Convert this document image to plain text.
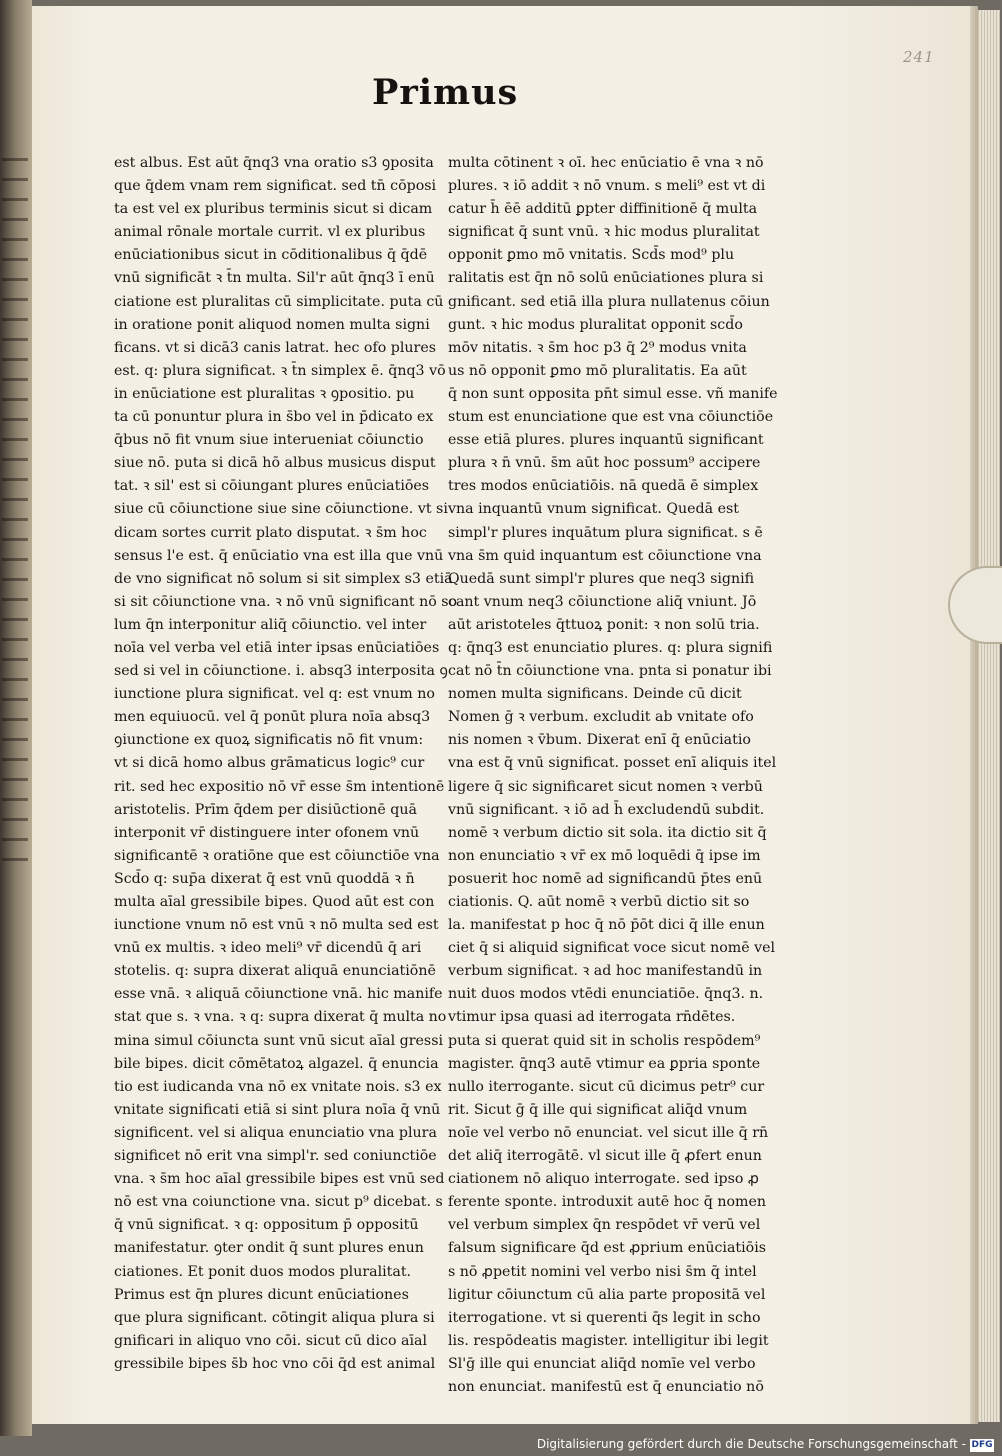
241
Primus
est albus. Est aūt q̄nq3 vna oratio s3 ꝯposita
que q̄dem vnam rem significat. sed tn̄ cōposi
ta est vel ex pluribus terminis sicut si dicam
animal rōnale mortale currit. vl ex pluribus
enūciationibus sicut in cōditionalibus q̄ q̄dē
vnū significāt ꝛ t̄n multa. Sil'r aūt q̄nq3 ī enū
ciatione est pluralitas cū simplicitate. puta cū
in oratione ponit aliquod nomen multa signi
ficans. vt si dicā3 canis latrat. hec ofo plures
est. q: plura significat. ꝛ t̄n simplex ē. q̄nq3 vō
in enūciatione est pluralitas ꝛ ꝯpositio. pu
ta cū ponuntur plura in s̄bo vel in p̄dicato ex
q̄bus nō fit vnum siue interueniat cōiunctio
siue nō. puta si dicā hō albus musicus disput
tat. ꝛ sil' est si cōiungant plures enūciatiōes
siue cū cōiunctione siue sine cōiunctione. vt si
dicam sortes currit plato disputat. ꝛ s̄m hoc
sensus l'e est. q̄ enūciatio vna est illa que vnū
de vno significat nō solum si sit simplex s3 etiā
si sit cōiunctione vna. ꝛ nō vnū significant nō so
lum q̄n interponitur aliq̄ cōiunctio. vel inter
noīa vel verba vel etiā inter ipsas enūciatiōes
sed si vel in cōiunctione. i. absq3 interposita ꝯ
iunctione plura significat. vel q: est vnum no
men equiuocū. vel q̄ ponūt plura noīa absq3
ꝯiunctione ex quoꝝ significatis nō fit vnum:
vt si dicā homo albus grāmaticus logic⁹ cur
rit. sed hec expositio nō vr̄ esse s̄m intentionē
aristotelis. Prīm q̄dem per disiūctionē quā
interponit vr̄ distinguere inter ofonem vnū
significantē ꝛ oratiōne que est cōiunctiōe vna
Scd̄o q: sup̄a dixerat q̄ est vnū quoddā ꝛ n̄
multa aīal gressibile bipes. Quod aūt est con
iunctione vnum nō est vnū ꝛ nō multa sed est
vnū ex multis. ꝛ ideo meli⁹ vr̄ dicendū q̄ ari
stotelis. q: supra dixerat aliquā enunciatiōnē
esse vnā. ꝛ aliquā cōiunctione vnā. hic manife
stat que s. ꝛ vna. ꝛ q: supra dixerat q̄ multa no
mina simul cōiuncta sunt vnū sicut aīal gressi
bile bipes. dicit cōmētatoꝝ algazel. q̄ enuncia
tio est iudicanda vna nō ex vnitate nois. s3 ex
vnitate significati etiā si sint plura noīa q̄ vnū
significent. vel si aliqua enunciatio vna plura
significet nō erit vna simpl'r. sed coniunctiōe
vna. ꝛ s̄m hoc aīal gressibile bipes est vnū sed
nō est vna coiunctione vna. sicut p⁹ dicebat. s
q̄ vnū significat. ꝛ q: oppositum p̄ oppositū
manifestatur. ꝯter ondit q̄ sunt plures enun
ciationes. Et ponit duos modos pluralitat.
Primus est q̄n plures dicunt enūciationes
que plura significant. cōtingit aliqua plura si
gnificari in aliquo vno cōi. sicut cū dico aīal
gressibile bipes s̄b hoc vno cōi q̄d est animal
multa cōtinent ꝛ oī. hec enūciatio ē vna ꝛ nō
plures. ꝛ iō addit ꝛ nō vnum. s meli⁹ est vt di
catur h̄ ēē additū ꝑpter diffinitionē q̄ multa
significat q̄ sunt vnū. ꝛ hic modus pluralitat
opponit ꝑmo mō vnitatis. Scd̄s mod⁹ plu
ralitatis est q̄n nō solū enūciationes plura si
gnificant. sed etiā illa plura nullatenus cōiun
gunt. ꝛ hic modus pluralitat opponit scd̄o
mōv nitatis. ꝛ s̄m hoc p3 q̄ 2⁹ modus vnita
us nō opponit ꝑmo mō pluralitatis. Ea aūt
q̄ non sunt opposita pn̄t simul esse. vñ manife
stum est enunciatione que est vna cōiunctiōe
esse etiā plures. plures inquantū significant
plura ꝛ n̄ vnū. s̄m aūt hoc possum⁹ accipere
tres modos enūciatiōis. nā quedā ē simplex
vna inquantū vnum significat. Quedā est
simpl'r plures inquātum plura significat. s ē
vna s̄m quid inquantum est cōiunctione vna
Quedā sunt simpl'r plures que neq3 signifi
cant vnum neq3 cōiunctione aliq̄ vniunt. Jō
aūt aristoteles q̄ttuoꝝ ponit: ꝛ non solū tria.
q: q̄nq3 est enunciatio plures. q: plura signifi
cat nō t̄n cōiunctione vna. pnta si ponatur ibi
nomen multa significans. Deinde cū dicit
Nomen ḡ ꝛ verbum. excludit ab vnitate ofo
nis nomen ꝛ v̄bum. Dixerat enī q̄ enūciatio
vna est q̄ vnū significat. posset enī aliquis itel
ligere q̄ sic significaret sicut nomen ꝛ verbū
vnū significant. ꝛ iō ad h̄ excludendū subdit.
nomē ꝛ verbum dictio sit sola. ita dictio sit q̄
non enunciatio ꝛ vr̄ ex mō loquēdi q̄ ipse im
posuerit hoc nomē ad significandū p̄tes enū
ciationis. Q. aūt nomē ꝛ verbū dictio sit so
la. manifestat p hoc q̄ nō p̄ōt dici q̄ ille enun
ciet q̄ si aliquid significat voce sicut nomē vel
verbum significat. ꝛ ad hoc manifestandū in
nuit duos modos vtēdi enunciatiōe. q̄nq3. n.
vtimur ipsa quasi ad iterrogata rn̄dētes.
puta si querat quid sit in scholis respōdem⁹
magister. q̄nq3 autē vtimur ea ꝑpria sponte
nullo iterrogante. sicut cū dicimus petr⁹ cur
rit. Sicut ḡ q̄ ille qui significat aliq̄d vnum
noīe vel verbo nō enunciat. vel sicut ille q̄ rn̄
det aliq̄ iterrogātē. vl sicut ille q̄ ꝓfert enun
ciationem nō aliquo interrogate. sed ipso ꝓ
ferente sponte. introduxit autē hoc q̄ nomen
vel verbum simplex q̄n respōdet vr̄ verū vel
falsum significare q̄d est ꝓprium enūciatiōis
s nō ꝓpetit nomini vel verbo nisi s̄m q̄ intel
ligitur cōiunctum cū alia parte propositā vel
iterrogatione. vt si querenti q̄s legit in scho
lis. respōdeatis magister. intelligitur ibi legit
Sl'ḡ ille qui enunciat aliq̄d nomīe vel verbo
non enunciat. manifestū est q̄ enunciatio nō
Digitalisierung gefördert durch die Deutsche Forschungsgemeinschaft - DFG
